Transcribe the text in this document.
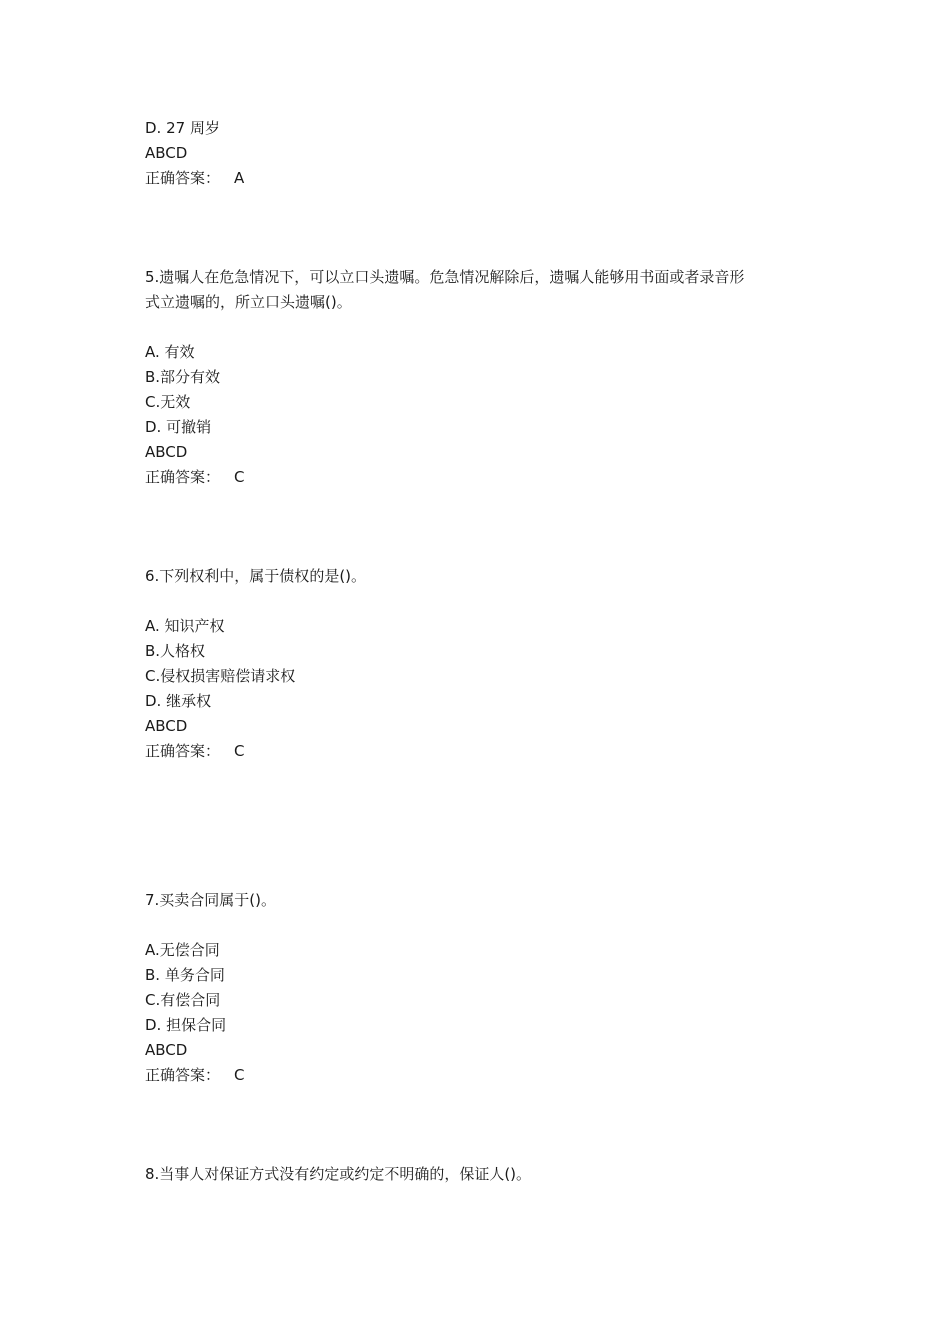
D. 27 周岁
ABCD
正确答案： A
5.遗嘱人在危急情况下，可以立口头遗嘱。危急情况解除后，遗嘱人能够用书面或者录音形
式立遗嘱的，所立口头遗嘱()。
A. 有效
B.部分有效
C.无效
D. 可撤销
ABCD
正确答案： C
6.下列权利中，属于债权的是()。
A. 知识产权
B.人格权
C.侵权损害赔偿请求权
D. 继承权
ABCD
正确答案： C
7.买卖合同属于()。
A.无偿合同
B. 单务合同
C.有偿合同
D. 担保合同
ABCD
正确答案： C
8.当事人对保证方式没有约定或约定不明确的，保证人()。
